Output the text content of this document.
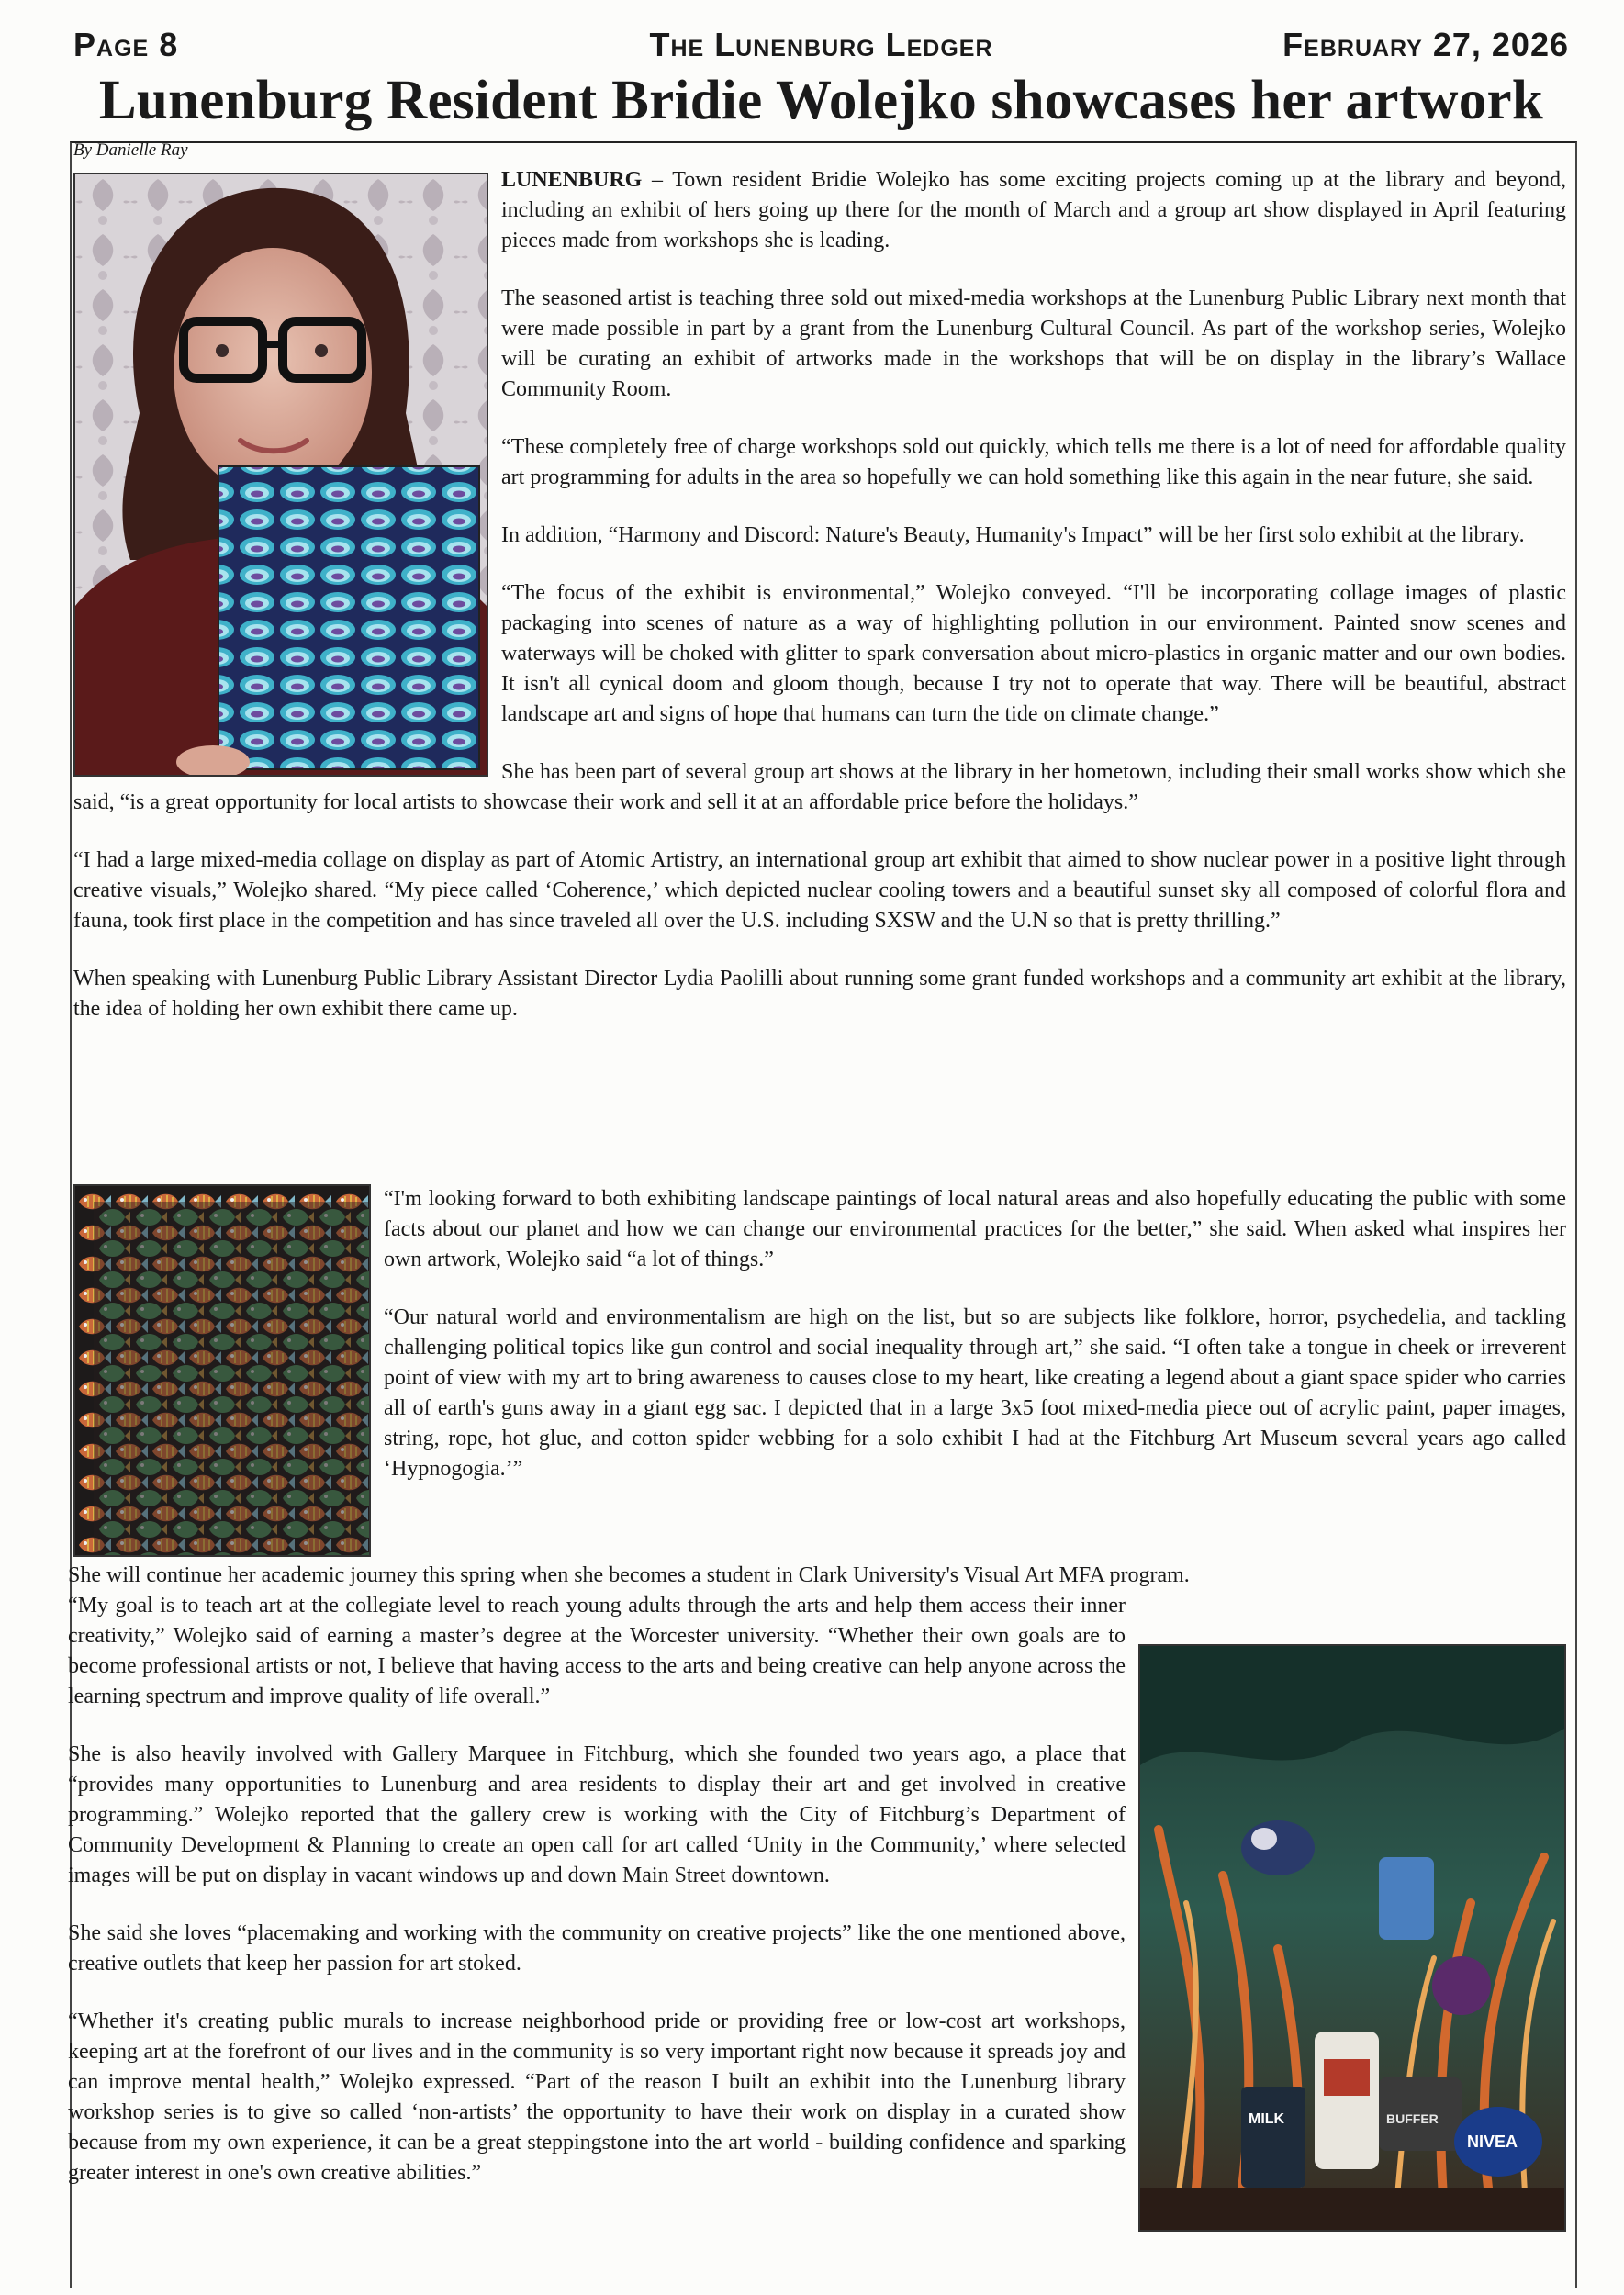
Page 8	The Lunenburg Ledger	February 27, 2026
Lunenburg Resident Bridie Wolejko showcases her artwork
By Danielle Ray

LUNENBURG – Town resident Bridie Wolejko has some exciting projects coming up at the library and beyond, including an exhibit of hers going up there for the month of March and a group art show displayed in April featuring pieces made from workshops she is leading.

The seasoned artist is teaching three sold out mixed-media workshops at the Lunenburg Public Library next month that were made possible in part by a grant from the Lunenburg Cultural Council. As part of the workshop series, Wolejko will be curating an exhibit of artworks made in the workshops that will be on display in the library’s Wallace Community Room.

“These completely free of charge workshops sold out quickly, which tells me there is a lot of need for affordable quality art programming for adults in the area so hopefully we can hold something like this again in the near future, she said.

In addition, “Harmony and Discord: Nature's Beauty, Humanity's Impact” will be her first solo exhibit at the library.

“The focus of the exhibit is environmental,” Wolejko conveyed. “I'll be incorporating collage images of plastic packaging into scenes of nature as a way of highlighting pollution in our environment. Painted snow scenes and waterways will be choked with glitter to spark conversation about micro-plastics in organic matter and our own bodies. It isn't all cynical doom and gloom though, because I try not to operate that way. There will be beautiful, abstract landscape art and signs of hope that humans can turn the tide on climate change.”

She has been part of several group art shows at the library in her hometown, including their small works show which she said, “is a great opportunity for local artists to showcase their work and sell it at an affordable price before the holidays.”

“I had a large mixed-media collage on display as part of Atomic Artistry, an international group art exhibit that aimed to show nuclear power in a positive light through creative visuals,” Wolejko shared. “My piece called ‘Coherence,’ which depicted nuclear cooling towers and a beautiful sunset sky all composed of colorful flora and fauna, took first place in the competition and has since traveled all over the U.S. including SXSW and the U.N so that is pretty thrilling.”

When speaking with Lunenburg Public Library Assistant Director Lydia Paolilli about running some grant funded workshops and a community art exhibit at the library, the idea of holding her own exhibit there came up.

“I'm looking forward to both exhibiting landscape paintings of local natural areas and also hopefully educating the public with some facts about our planet and how we can change our environmental practices for the better,” she said. When asked what inspires her own artwork, Wolejko said “a lot of things.”

“Our natural world and environmentalism are high on the list, but so are subjects like folklore, horror, psychedelia, and tackling challenging political topics like gun control and social inequality through art,” she said. “I often take a tongue in cheek or irreverent point of view with my art to bring awareness to causes close to my heart, like creating a legend about a giant space spider who carries all of earth's guns away in a giant egg sac. I depicted that in a large 3x5 foot mixed-media piece out of acrylic paint, paper images, string, rope, hot glue, and cotton spider webbing for a solo exhibit I had at the Fitchburg Art Museum several years ago called ‘Hypnogogia.’”

She will continue her academic journey this spring when she becomes a student in Clark University's Visual Art MFA program.

MILK	BUFFER
NIVEA

“My goal is to teach art at the collegiate level to reach young adults through the arts and help them access their inner creativity,” Wolejko said of earning a master’s degree at the Worcester university. “Whether their own goals are to become professional artists or not, I believe that having access to the arts and being creative can help anyone across the learning spectrum and improve quality of life overall.”

She is also heavily involved with Gallery Marquee in Fitchburg, which she founded two years ago, a place that “provides many opportunities to Lunenburg and area residents to display their art and get involved in creative programming.” Wolejko reported that the gallery crew is working with the City of Fitchburg’s Department of Community Development & Planning to create an open call for art called ‘Unity in the Community,’ where selected images will be put on display in vacant windows up and down Main Street downtown.

She said she loves “placemaking and working with the community on creative projects” like the one mentioned above, creative outlets that keep her passion for art stoked.

“Whether it's creating public murals to increase neighborhood pride or providing free or low-cost art workshops, keeping art at the forefront of our lives and in the community is so very important right now because it spreads joy and can improve mental health,” Wolejko expressed. “Part of the reason I built an exhibit into the Lunenburg library workshop series is to give so called ‘non-artists’ the opportunity to have their work on display in a curated show because from my own experience, it can be a great steppingstone into the art world - building confidence and sparking greater interest in one's own creative abilities.”
